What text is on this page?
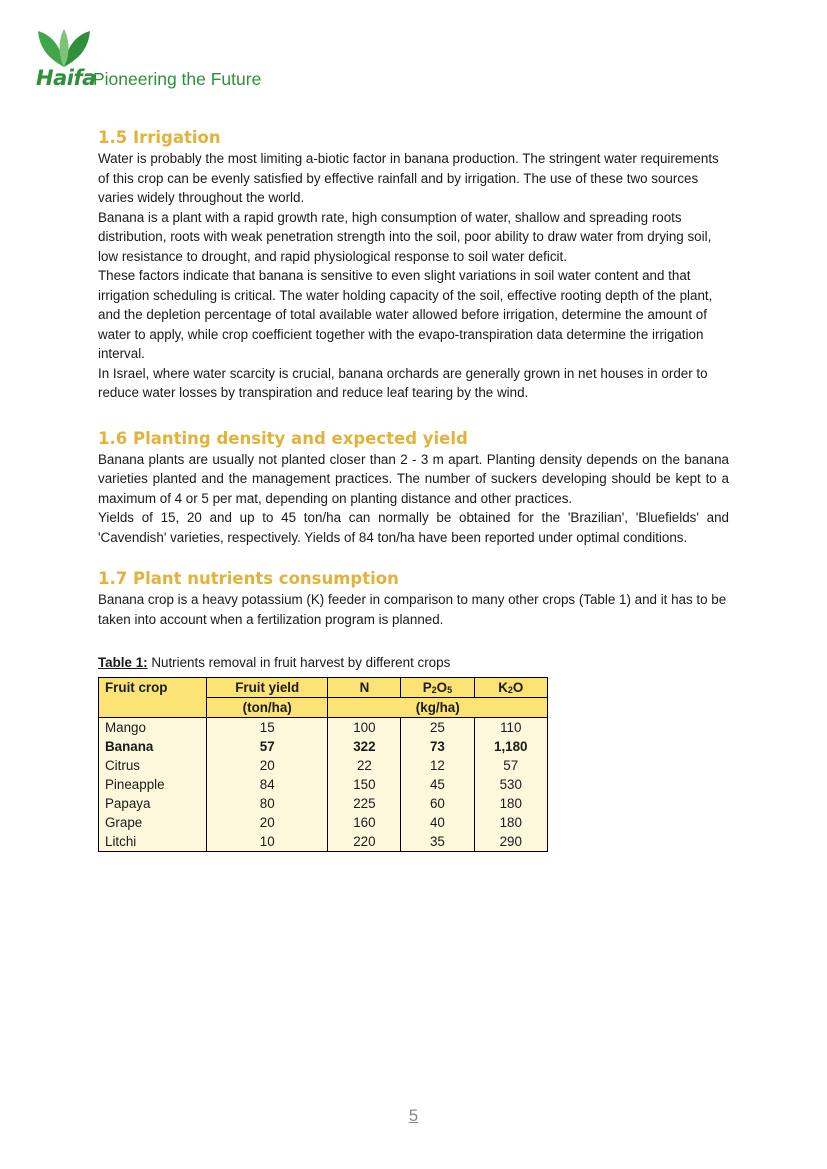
Haifa
Pioneering the Future
1.5 Irrigation

Water is probably the most limiting a-biotic factor in banana production. The stringent water requirements of this crop can be evenly satisfied by effective rainfall and by irrigation. The use of these two sources varies widely throughout the world.

Banana is a plant with a rapid growth rate, high consumption of water, shallow and spreading roots distribution, roots with weak penetration strength into the soil, poor ability to draw water from drying soil, low resistance to drought, and rapid physiological response to soil water deficit.

These factors indicate that banana is sensitive to even slight variations in soil water content and that irrigation scheduling is critical. The water holding capacity of the soil, effective rooting depth of the plant, and the depletion percentage of total available water allowed before irrigation, determine the amount of water to apply, while crop coefficient together with the evapo-transpiration data determine the irrigation interval.

In Israel, where water scarcity is crucial, banana orchards are generally grown in net houses in order to reduce water losses by transpiration and reduce leaf tearing by the wind.

1.6 Planting density and expected yield

Banana plants are usually not planted closer than 2 - 3 m apart. Planting density depends on the banana varieties planted and the management practices. The number of suckers developing should be kept to a maximum of 4 or 5 per mat, depending on planting distance and other practices.

Yields of 15, 20 and up to 45 ton/ha can normally be obtained for the 'Brazilian', 'Bluefields' and 'Cavendish' varieties, respectively. Yields of 84 ton/ha have been reported under optimal conditions.

1.7 Plant nutrients consumption

Banana crop is a heavy potassium (K) feeder in comparison to many other crops (Table 1) and it has to be taken into account when a fertilization program is planned.

Table 1: Nutrients removal in fruit harvest by different crops

Fruit crop	Fruit yield	N	$P_2O_5$	$K_2O$
	(ton/ha)	(kg/ha)		
Mango	15	100	25	110
Banana	57	322	73	1,180
Citrus	20	22	12	57
Pineapple	84	150	45	530
Papaya	80	225	60	180
Grape	20	160	40	180
Litchi	10	220	35	290
5
